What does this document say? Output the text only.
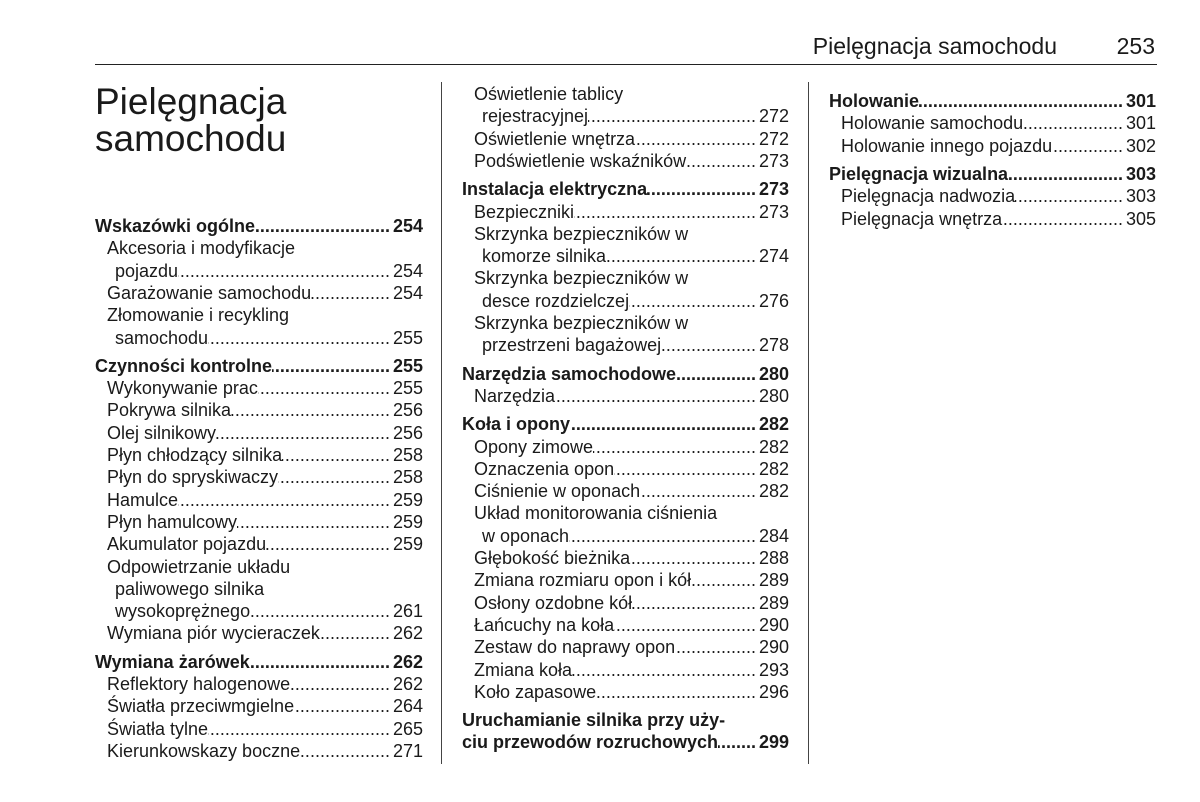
Pielęgnacja samochodu	253
Pielęgnacja
samochodu
Wskazówki ogólne .....	254
Akcesoria i modyfikacje
pojazdu .....	254
Garażowanie samochodu .....	254
Złomowanie i recykling
samochodu .....	255
Czynności kontrolne .....	255
Wykonywanie prac .....	255
Pokrywa silnika .....	256
Olej silnikowy .....	256
Płyn chłodzący silnika .....	258
Płyn do spryskiwaczy .....	258
Hamulce .....	259
Płyn hamulcowy .....	259
Akumulator pojazdu .....	259
Odpowietrzanie układu
paliwowego silnika
wysokoprężnego .....	261
Wymiana piór wycieraczek .....	262
Wymiana żarówek .....	262
Reflektory halogenowe .....	262
Światła przeciwmgielne .....	264
Światła tylne .....	265
Kierunkowskazy boczne .....	271
Oświetlenie tablicy
rejestracyjnej .....	272
Oświetlenie wnętrza .....	272
Podświetlenie wskaźników .....	273
Instalacja elektryczna .....	273
Bezpieczniki .....	273
Skrzynka bezpieczników w
komorze silnika .....	274
Skrzynka bezpieczników w
desce rozdzielczej .....	276
Skrzynka bezpieczników w
przestrzeni bagażowej .....	278
Narzędzia samochodowe .....	280
Narzędzia .....	280
Koła i opony .....	282
Opony zimowe .....	282
Oznaczenia opon .....	282
Ciśnienie w oponach .....	282
Układ monitorowania ciśnienia
w oponach .....	284
Głębokość bieżnika .....	288
Zmiana rozmiaru opon i kół .....	289
Osłony ozdobne kół .....	289
Łańcuchy na koła .....	290
Zestaw do naprawy opon .....	290
Zmiana koła .....	293
Koło zapasowe .....	296
Uruchamianie silnika przy uży-
ciu przewodów rozruchowych ..... 299
Holowanie .....	301
Holowanie samochodu .....	301
Holowanie innego pojazdu .....	302
Pielęgnacja wizualna .....	303
Pielęgnacja nadwozia .....	303
Pielęgnacja wnętrza .....	305
